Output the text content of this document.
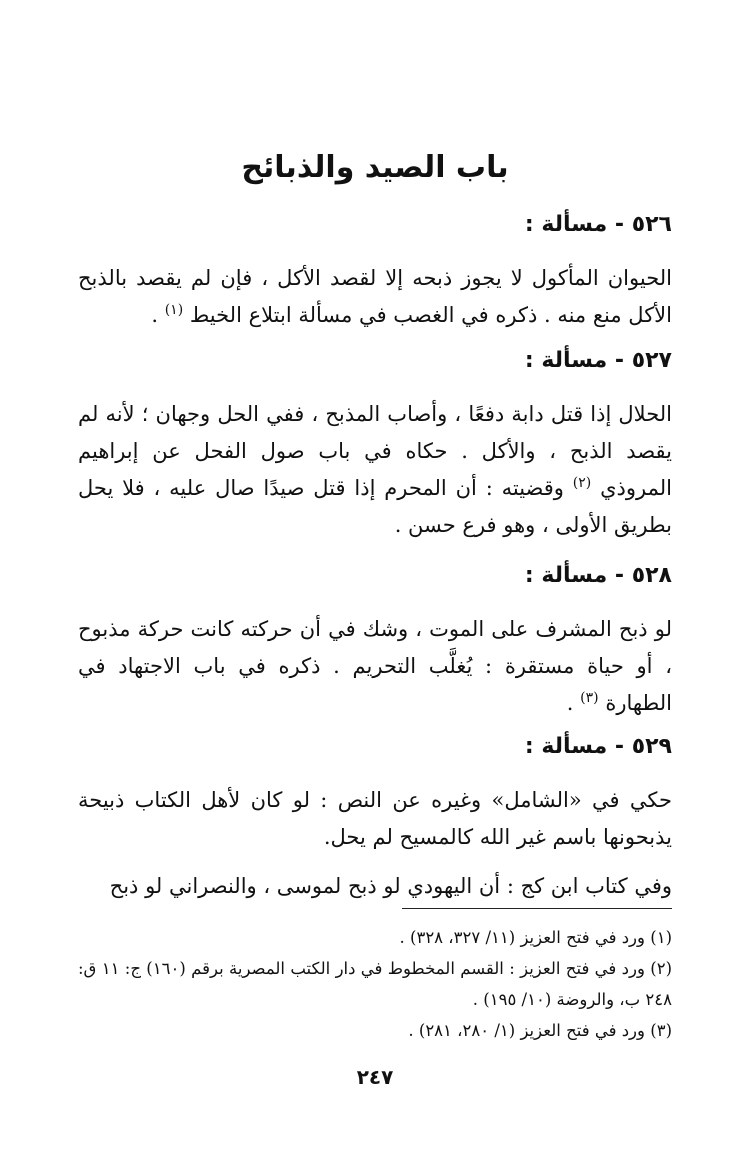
باب الصيد والذبائح
٥٢٦ - مسألة :

الحيوان المأكول لا يجوز ذبحه إلا لقصد الأكل ، فإن لم يقصد بالذبح الأكل منع منه . ذكره في الغصب في مسألة ابتلاع الخيط $^{(١)}$ .

٥٢٧ - مسألة :

الحلال إذا قتل دابة دفعًا ، وأصاب المذبح ، ففي الحل وجهان ؛ لأنه لم يقصد الذبح ، والأكل . حكاه في باب صول الفحل عن إبراهيم المروذي $^{(٢)}$ وقضيته : أن المحرم إذا قتل صيدًا صال عليه ، فلا يحل بطريق الأولى ، وهو فرع حسن .

٥٢٨ - مسألة :

لو ذبح المشرف على الموت ، وشك في أن حركته كانت حركة مذبوح ، أو حياة مستقرة : يُغلَّب التحريم . ذكره في باب الاجتهاد في الطهارة $^{(٣)}$ .

٥٢٩ - مسألة :

حكي في «الشامل» وغيره عن النص : لو كان لأهل الكتاب ذبيحة يذبحونها باسم غير الله كالمسيح لم يحل.

وفي كتاب ابن كج : أن اليهودي لو ذبح لموسى ، والنصراني لو ذبح

(١) ورد في فتح العزيز (١١/ ٣٢٧، ٣٢٨) .

(٢) ورد في فتح العزيز : القسم المخطوط في دار الكتب المصرية برقم (١٦٠) ج: ١١ ق: ٢٤٨ ب، والروضة (١٠/ ١٩٥) .

(٣) ورد في فتح العزيز (١/ ٢٨٠، ٢٨١) .

٢٤٧
